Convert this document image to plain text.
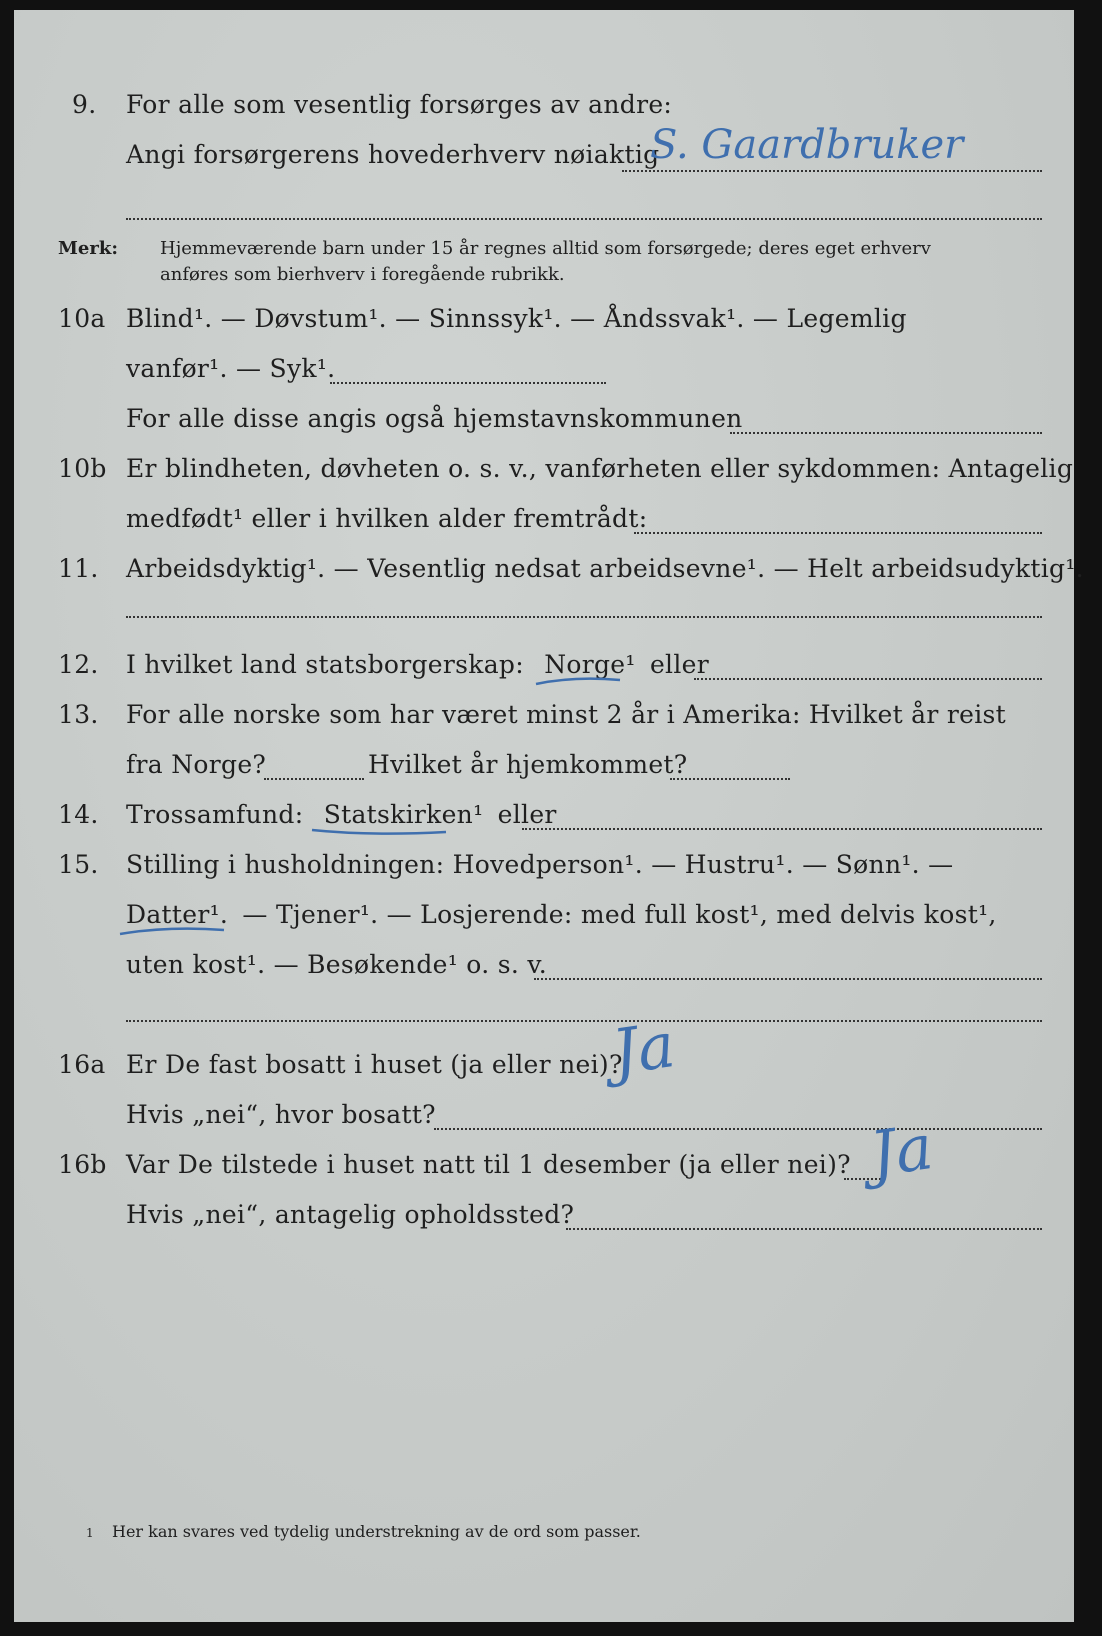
9. For alle som vesentlig forsørges av andre:
Angi forsørgerens hovederhverv nøiaktig
S. Gaardbruker
Merk: Hjemmeværende barn under 15 år regnes alltid som forsørgede; deres eget erhverv
anføres som bierhverv i foregående rubrikk.
10a Blind¹. — Døvstum¹. — Sinnssyk¹. — Åndssvak¹. — Legemlig
vanfør¹. — Syk¹.
For alle disse angis også hjemstavnskommunen
10b Er blindheten, døvheten o. s. v., vanførheten eller sykdommen: Antagelig
medfødt¹ eller i hvilken alder fremtrådt:
11. Arbeidsdyktig¹. — Vesentlig nedsat arbeidsevne¹. — Helt arbeidsudyktig¹.
12. I hvilket land statsborgerskap: Norge¹ eller
13. For alle norske som har været minst 2 år i Amerika: Hvilket år reist
fra Norge?	Hvilket år hjemkommet?
14. Trossamfund: Statskirken¹ eller
15. Stilling i husholdningen: Hovedperson¹. — Hustru¹. — Sønn¹. —
Datter¹. — Tjener¹. — Losjerende: med full kost¹, med delvis kost¹,
uten kost¹. — Besøkende¹ o. s. v.
16a Er De fast bosatt i huset (ja eller nei)?
Ja
Hvis „nei“, hvor bosatt?
16b Var De tilstede i huset natt til 1 desember (ja eller nei)? Ja
Hvis „nei“, antagelig opholdssted?
1 Her kan svares ved tydelig understrekning av de ord som passer.
